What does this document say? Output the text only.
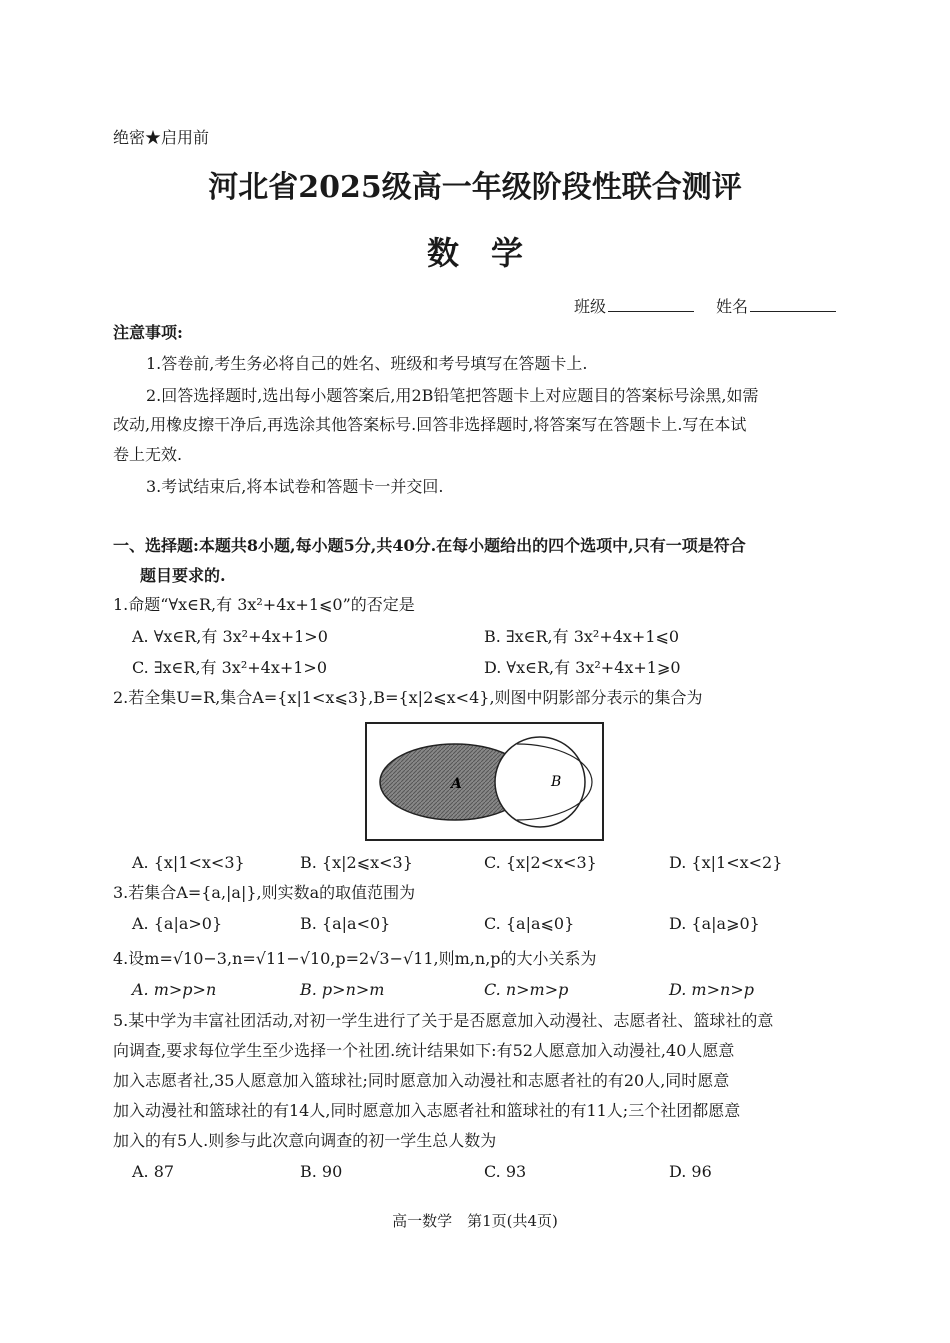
绝密★启用前
河北省2025级高一年级阶段性联合测评
数　学
班级	姓名
注意事项:
1.答卷前,考生务必将自己的姓名、班级和考号填写在答题卡上.
2.回答选择题时,选出每小题答案后,用2B铅笔把答题卡上对应题目的答案标号涂黑,如需
改动,用橡皮擦干净后,再选涂其他答案标号.回答非选择题时,将答案写在答题卡上.写在本试
卷上无效.
3.考试结束后,将本试卷和答题卡一并交回.
一、选择题:本题共8小题,每小题5分,共40分.在每小题给出的四个选项中,只有一项是符合
题目要求的.
1.命题“∀x∈R,有 3x²+4x+1⩽0”的否定是
A. ∀x∈R,有 3x²+4x+1>0	B. ∃x∈R,有 3x²+4x+1⩽0
C. ∃x∈R,有 3x²+4x+1>0	D. ∀x∈R,有 3x²+4x+1⩾0
2.若全集U=R,集合A={x|1<x⩽3},B={x|2⩽x<4},则图中阴影部分表示的集合为
A	B
A. {x|1<x<3}	B. {x|2⩽x<3}	C. {x|2<x<3}	D. {x|1<x<2}
3.若集合A={a,|a|},则实数a的取值范围为
A. {a|a>0}	B. {a|a<0}	C. {a|a⩽0}	D. {a|a⩾0}
4.设m=√10−3,n=√11−√10,p=2√3−√11,则m,n,p的大小关系为
A. m>p>n	B. p>n>m	C. n>m>p	D. m>n>p
5.某中学为丰富社团活动,对初一学生进行了关于是否愿意加入动漫社、志愿者社、篮球社的意
向调查,要求每位学生至少选择一个社团.统计结果如下:有52人愿意加入动漫社,40人愿意
加入志愿者社,35人愿意加入篮球社;同时愿意加入动漫社和志愿者社的有20人,同时愿意
加入动漫社和篮球社的有14人,同时愿意加入志愿者社和篮球社的有11人;三个社团都愿意
加入的有5人.则参与此次意向调查的初一学生总人数为
A. 87	B. 90	C. 93	D. 96
高一数学　第1页(共4页)
